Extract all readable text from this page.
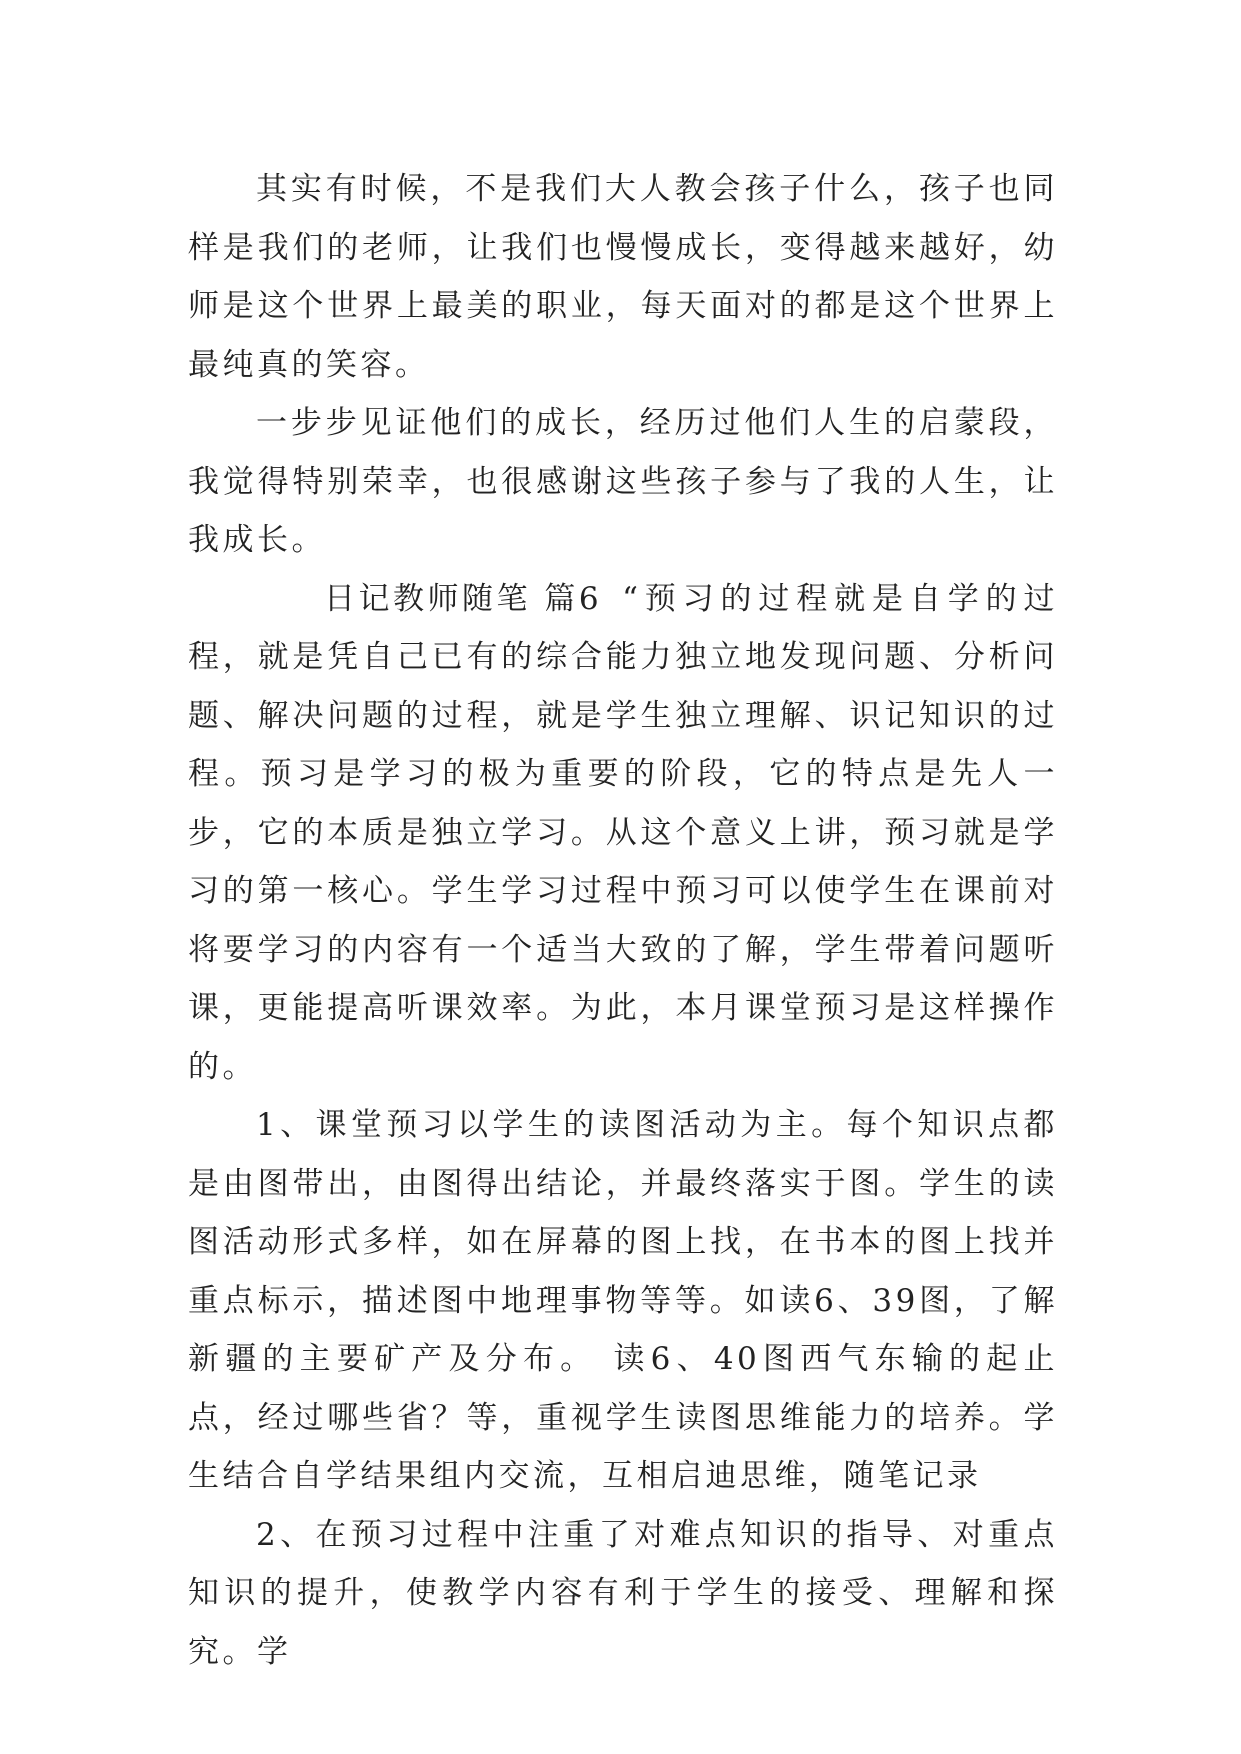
其实有时候，不是我们大人教会孩子什么，孩子也同样是我们的老师，让我们也慢慢成长，变得越来越好，幼师是这个世界上最美的职业，每天面对的都是这个世界上最纯真的笑容。

一步步见证他们的成长，经历过他们人生的启蒙段，我觉得特别荣幸，也很感谢这些孩子参与了我的人生，让我成长。

日记教师随笔 篇6 “预习的过程就是自学的过程，就是凭自己已有的综合能力独立地发现问题、分析问题、解决问题的过程，就是学生独立理解、识记知识的过程。预习是学习的极为重要的阶段，它的特点是先人一步，它的本质是独立学习。从这个意义上讲，预习就是学习的第一核心。学生学习过程中预习可以使学生在课前对将要学习的内容有一个适当大致的了解，学生带着问题听课，更能提高听课效率。为此，本月课堂预习是这样操作的。

1、课堂预习以学生的读图活动为主。每个知识点都是由图带出，由图得出结论，并最终落实于图。学生的读图活动形式多样，如在屏幕的图上找，在书本的图上找并重点标示，描述图中地理事物等等。如读6、39图，了解新疆的主要矿产及分布。 读6、40图西气东输的起止点，经过哪些省？等，重视学生读图思维能力的培养。学生结合自学结果组内交流，互相启迪思维，随笔记录

2、在预习过程中注重了对难点知识的指导、对重点知识的提升，使教学内容有利于学生的接受、理解和探究。学
